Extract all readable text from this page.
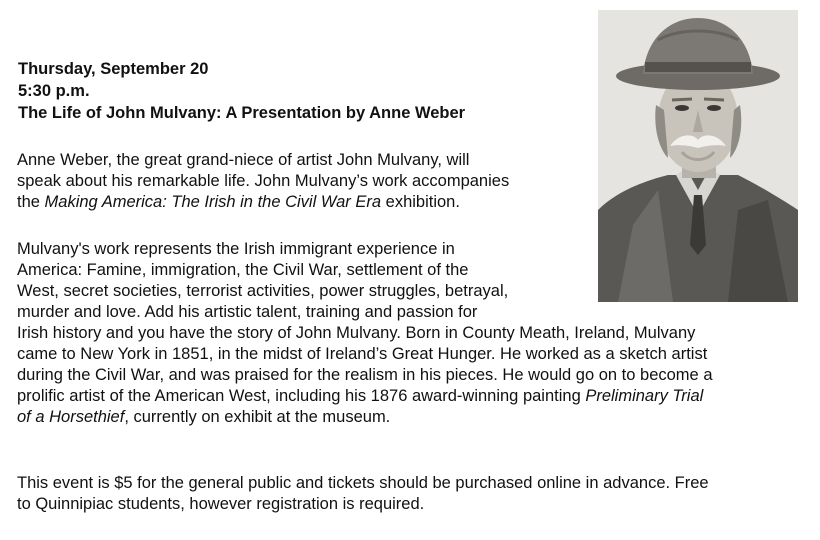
Thursday, September 20

5:30 p.m.

The Life of John Mulvany: A Presentation by Anne Weber

Anne Weber, the great grand-niece of artist John Mulvany, will
speak about his remarkable life. John Mulvany’s work accompanies
the Making America: The Irish in the Civil War Era exhibition.
Mulvany's work represents the Irish immigrant experience in
America: Famine, immigration, the Civil War, settlement of the
West, secret societies, terrorist activities, power struggles, betrayal,
murder and love. Add his artistic talent, training and passion for
Irish history and you have the story of John Mulvany. Born in County Meath, Ireland, Mulvany
came to New York in 1851, in the midst of Ireland’s Great Hunger. He worked as a sketch artist
during the Civil War, and was praised for the realism in his pieces. He would go on to become a
prolific artist of the American West, including his 1876 award-winning painting Preliminary Trial
of a Horsethief, currently on exhibit at the museum.
This event is $5 for the general public and tickets should be purchased online in advance. Free
to Quinnipiac students, however registration is required.
